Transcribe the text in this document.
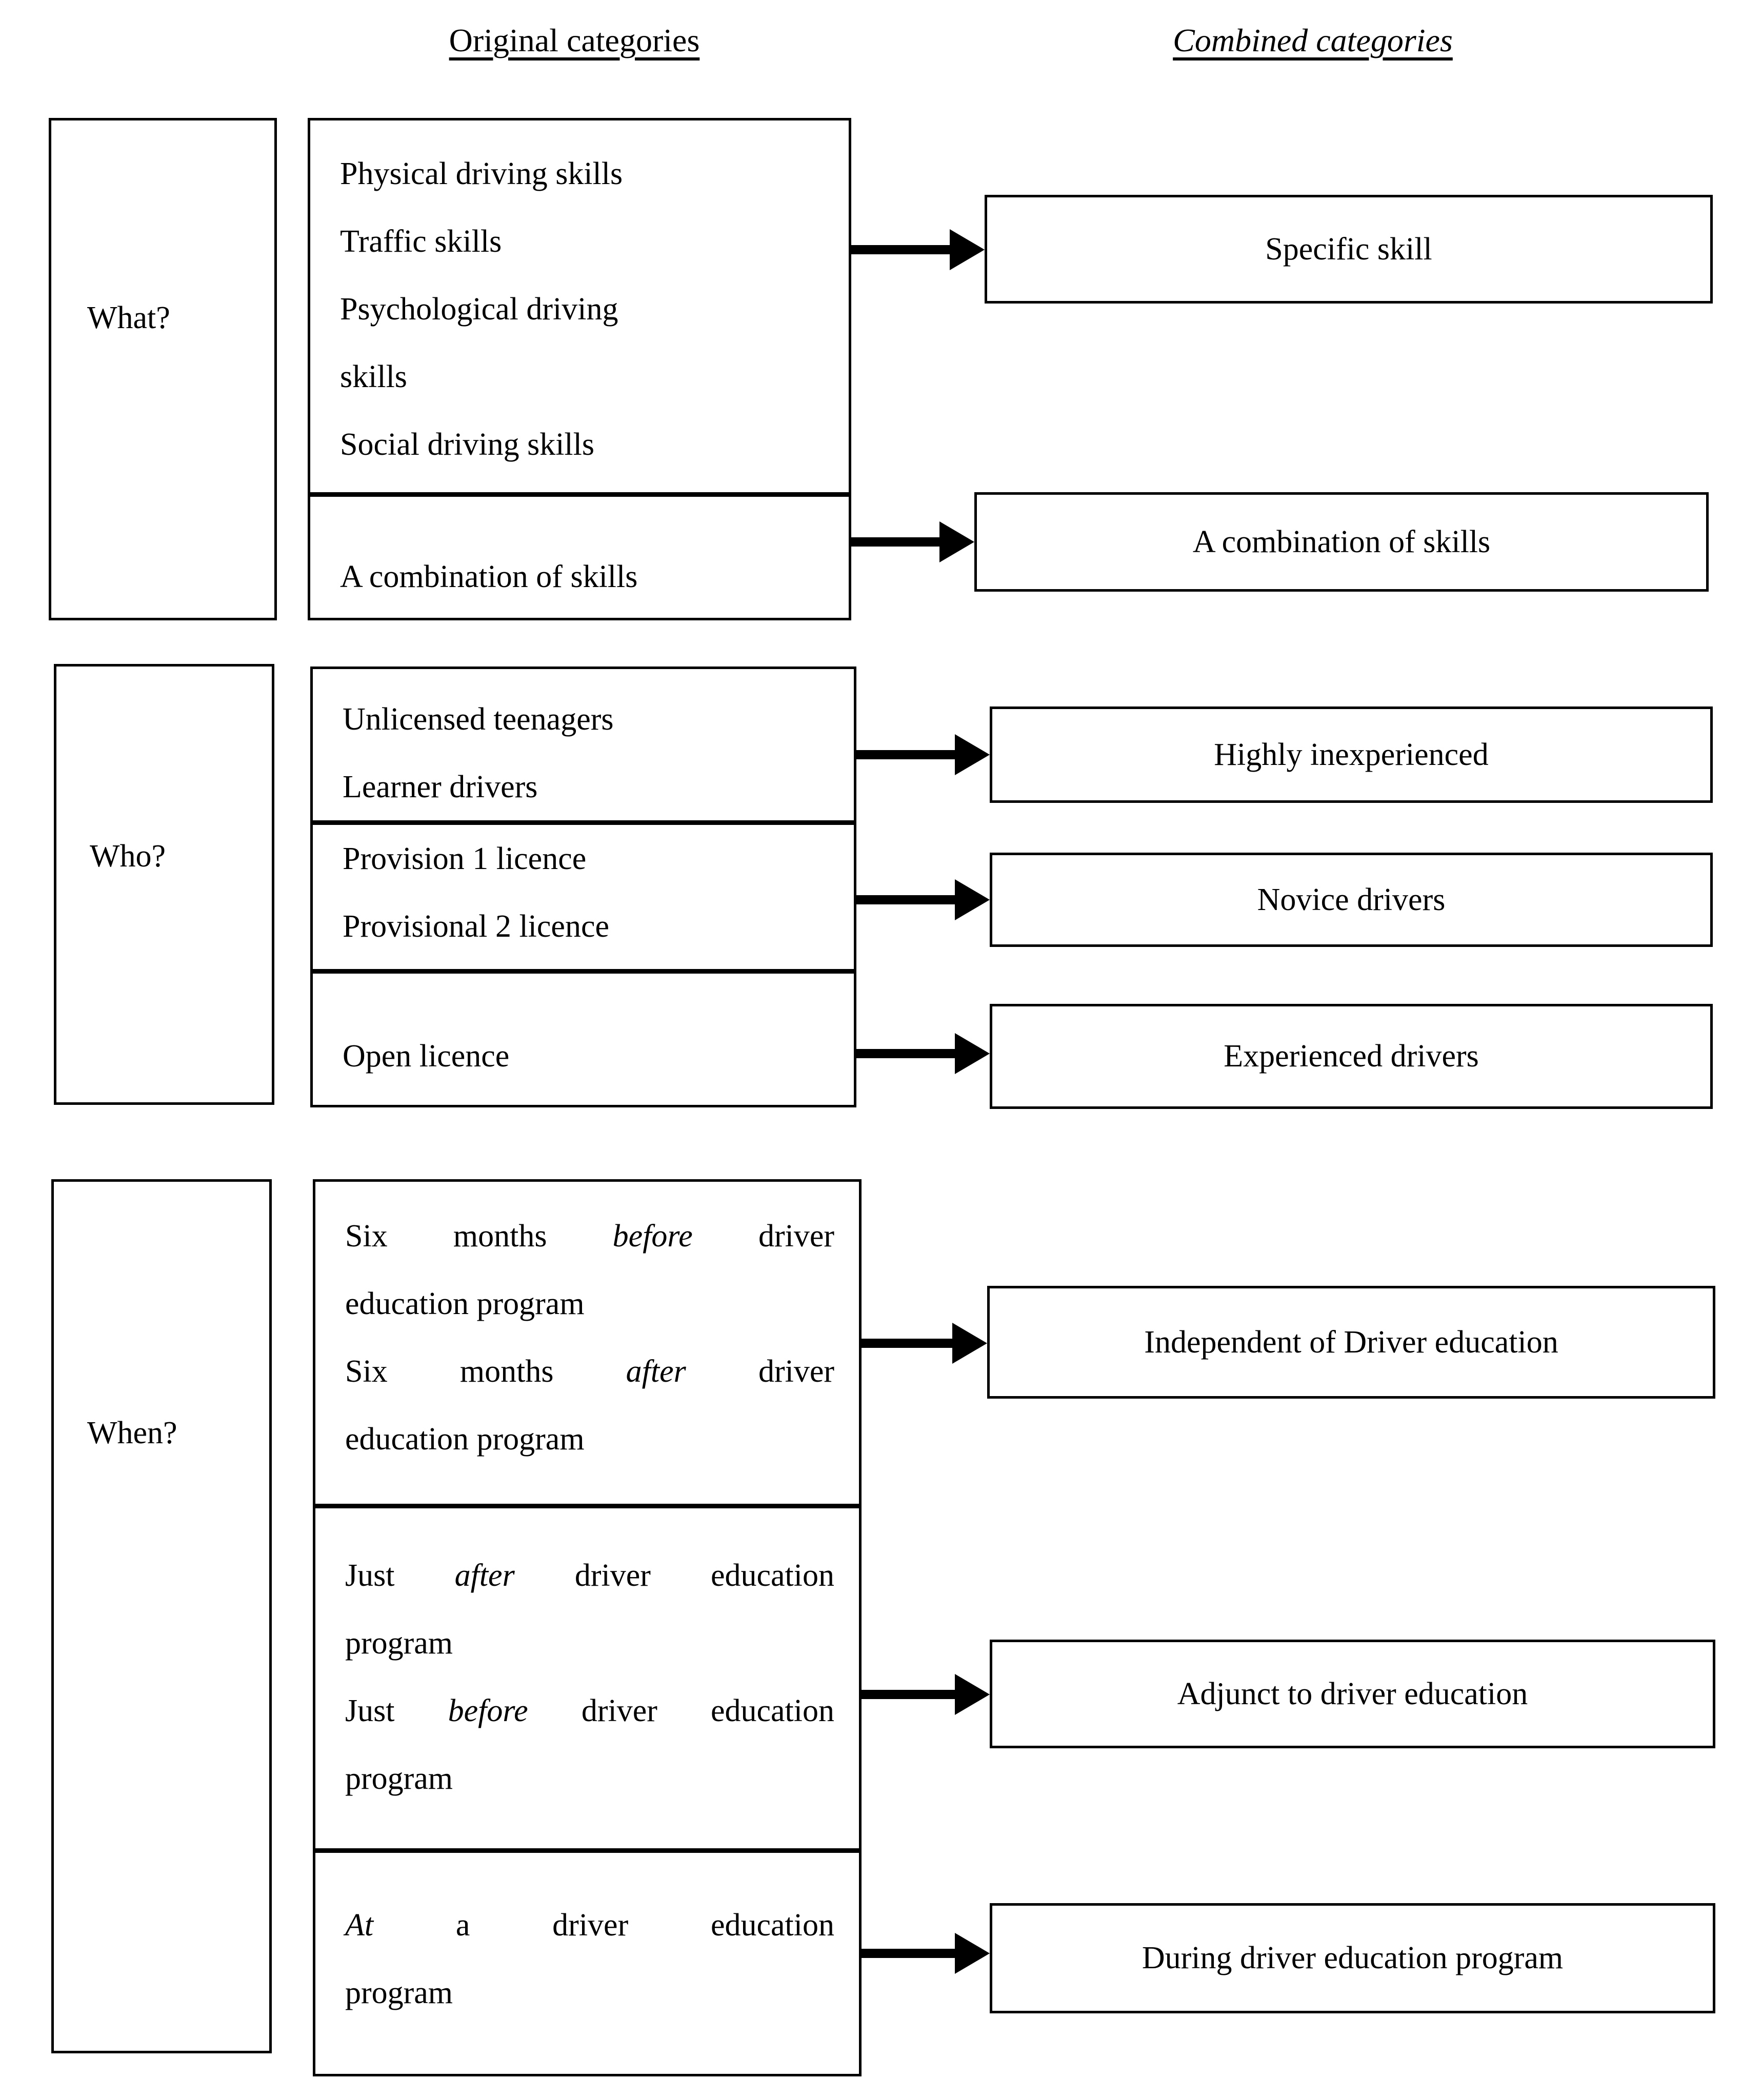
Original categories	Combined categories
What?
Physical driving skills
Traffic skills
Psychological driving
skills
Social driving skills
A combination of skills
Specific skill
A combination of skills
Who?
Unlicensed teenagers
Learner drivers
Provision 1 licence
Provisional 2 licence
Open licence
Highly inexperienced
Novice drivers
Experienced drivers
When?
Six months before driver
education program
Six months after driver
education program
Just after driver education
program
Just before driver education
program
At a driver education
program
Independent of Driver education
Adjunct to driver education
During driver education program
